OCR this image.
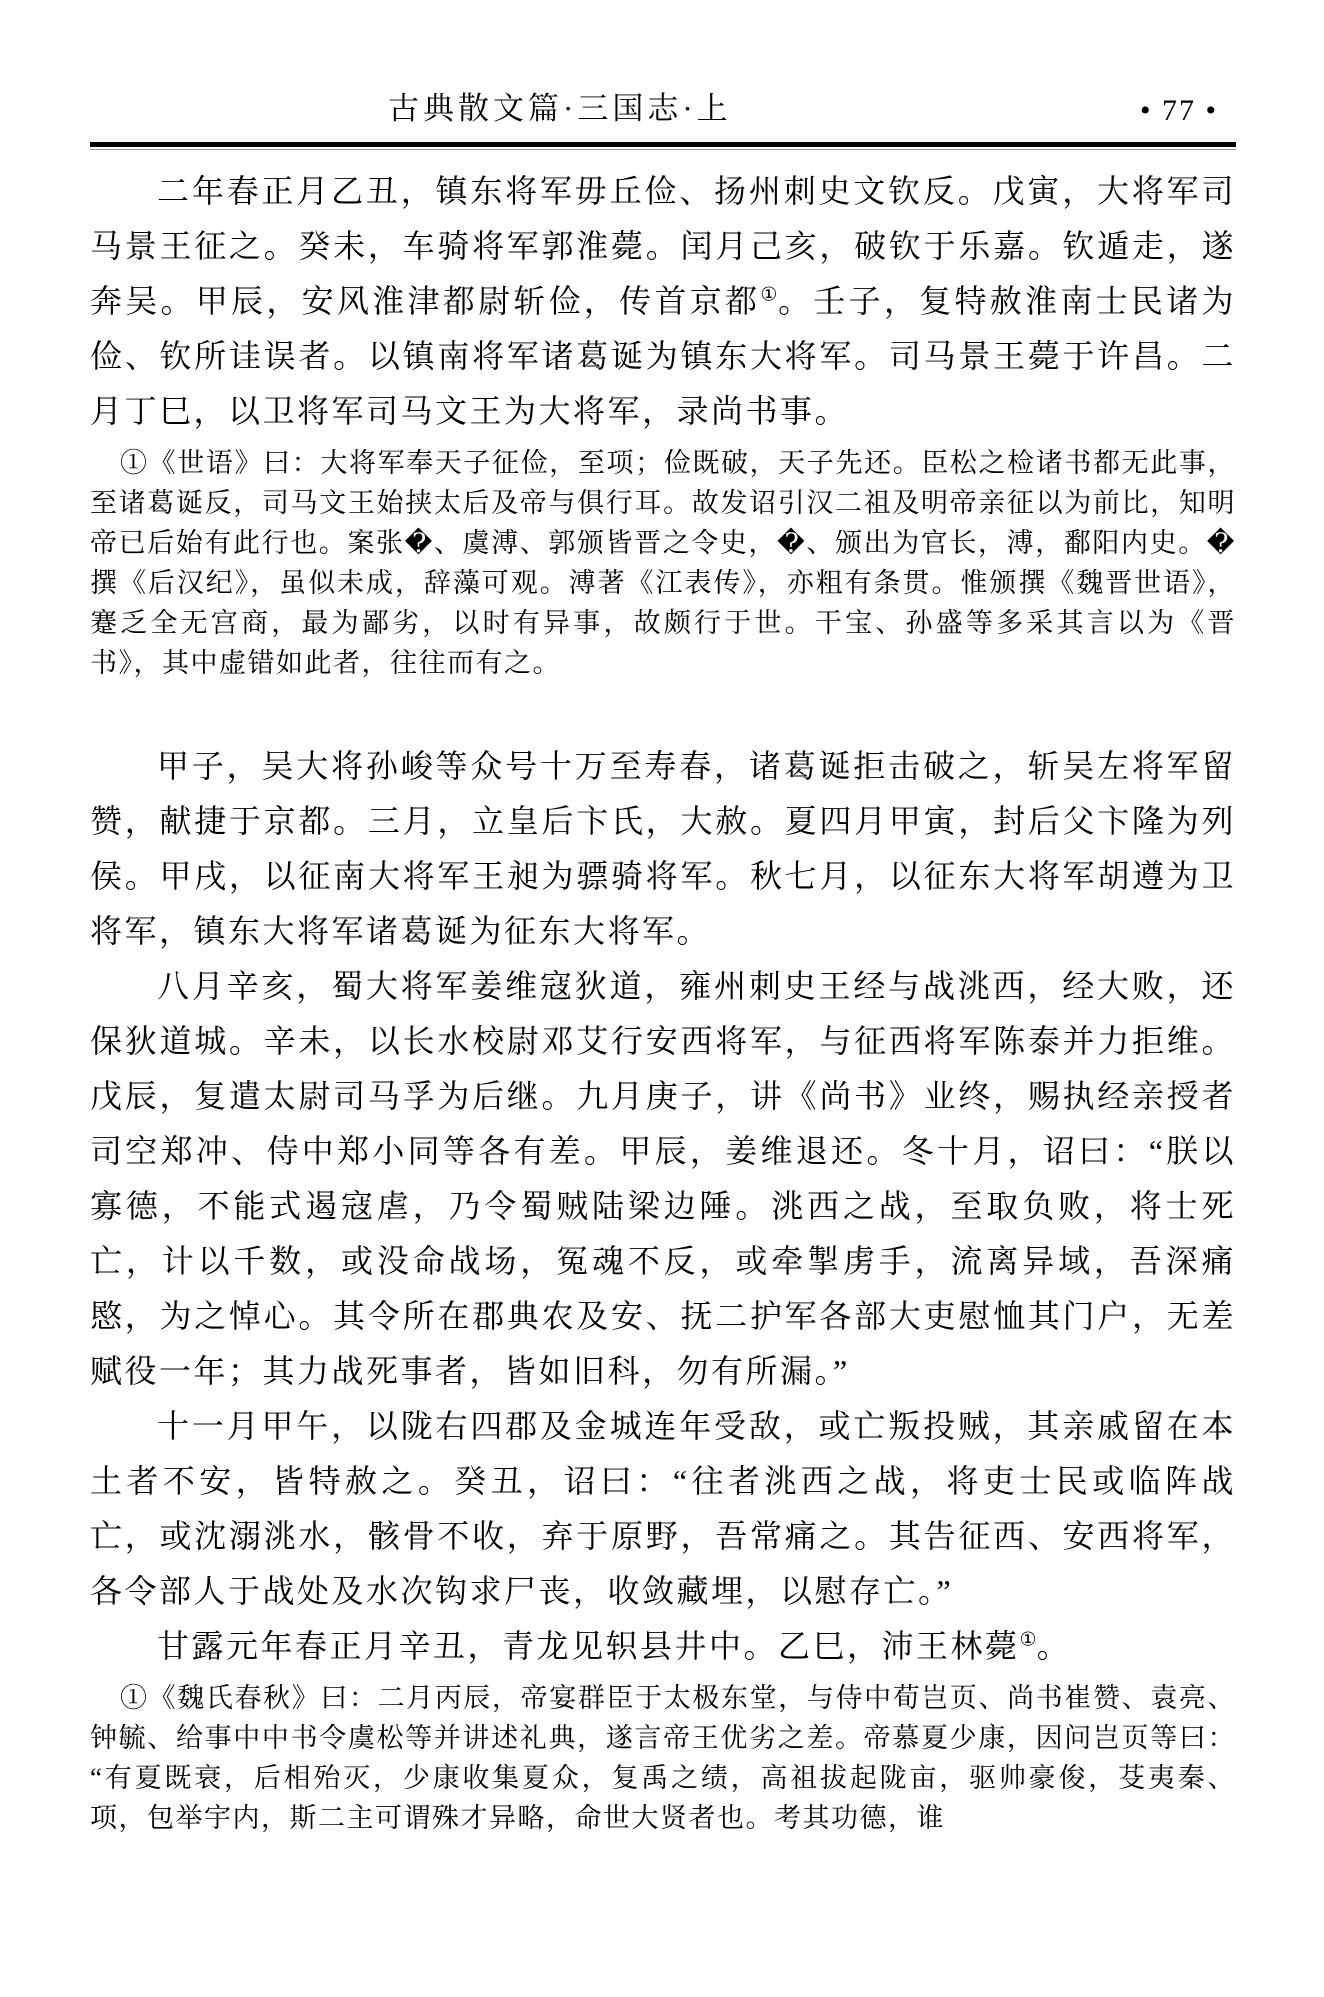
古典散文篇·三国志·上	• 77 •

二年春正月乙丑，镇东将军毋丘俭、扬州刺史文钦反。戊寅，大将军司马景王征之。癸未，车骑将军郭淮薨。闰月己亥，破钦于乐嘉。钦遁走，遂奔吴。甲辰，安风淮津都尉斩俭，传首京都①。壬子，复特赦淮南士民诸为俭、钦所诖误者。以镇南将军诸葛诞为镇东大将军。司马景王薨于许昌。二月丁巳，以卫将军司马文王为大将军，录尚书事。

①《世语》曰：大将军奉天子征俭，至项；俭既破，天子先还。臣松之检诸书都无此事，至诸葛诞反，司马文王始挟太后及帝与俱行耳。故发诏引汉二祖及明帝亲征以为前比，知明帝已后始有此行也。案张�、虞溥、郭颁皆晋之令史，�、颁出为官长，溥，鄱阳内史。�撰《后汉纪》，虽似未成，辞藻可观。溥著《江表传》，亦粗有条贯。惟颁撰《魏晋世语》，蹇乏全无宫商，最为鄙劣，以时有异事，故颇行于世。干宝、孙盛等多采其言以为《晋书》，其中虚错如此者，往往而有之。

甲子，吴大将孙峻等众号十万至寿春，诸葛诞拒击破之，斩吴左将军留赞，献捷于京都。三月，立皇后卞氏，大赦。夏四月甲寅，封后父卞隆为列侯。甲戌，以征南大将军王昶为骠骑将军。秋七月，以征东大将军胡遵为卫将军，镇东大将军诸葛诞为征东大将军。

八月辛亥，蜀大将军姜维寇狄道，雍州刺史王经与战洮西，经大败，还保狄道城。辛未，以长水校尉邓艾行安西将军，与征西将军陈泰并力拒维。戊辰，复遣太尉司马孚为后继。九月庚子，讲《尚书》业终，赐执经亲授者司空郑冲、侍中郑小同等各有差。甲辰，姜维退还。冬十月，诏曰：“朕以寡德，不能式遏寇虐，乃令蜀贼陆梁边陲。洮西之战，至取负败，将士死亡，计以千数，或没命战场，冤魂不反，或牵掣虏手，流离异域，吾深痛愍，为之悼心。其令所在郡典农及安、抚二护军各部大吏慰恤其门户，无差赋役一年；其力战死事者，皆如旧科，勿有所漏。”

十一月甲午，以陇右四郡及金城连年受敌，或亡叛投贼，其亲戚留在本土者不安，皆特赦之。癸丑，诏曰：“往者洮西之战，将吏士民或临阵战亡，或沈溺洮水，骸骨不收，弃于原野，吾常痛之。其告征西、安西将军，各令部人于战处及水次钩求尸丧，收敛藏埋，以慰存亡。”

甘露元年春正月辛丑，青龙见轵县井中。乙巳，沛王林薨①。

①《魏氏春秋》曰：二月丙辰，帝宴群臣于太极东堂，与侍中荀岂页、尚书崔赞、袁亮、钟毓、给事中中书令虞松等并讲述礼典，遂言帝王优劣之差。帝慕夏少康，因问岂页等曰：“有夏既衰，后相殆灭，少康收集夏众，复禹之绩，高祖拔起陇亩，驱帅豪俊，芟夷秦、项，包举宇内，斯二主可谓殊才异略，命世大贤者也。考其功德，谁
